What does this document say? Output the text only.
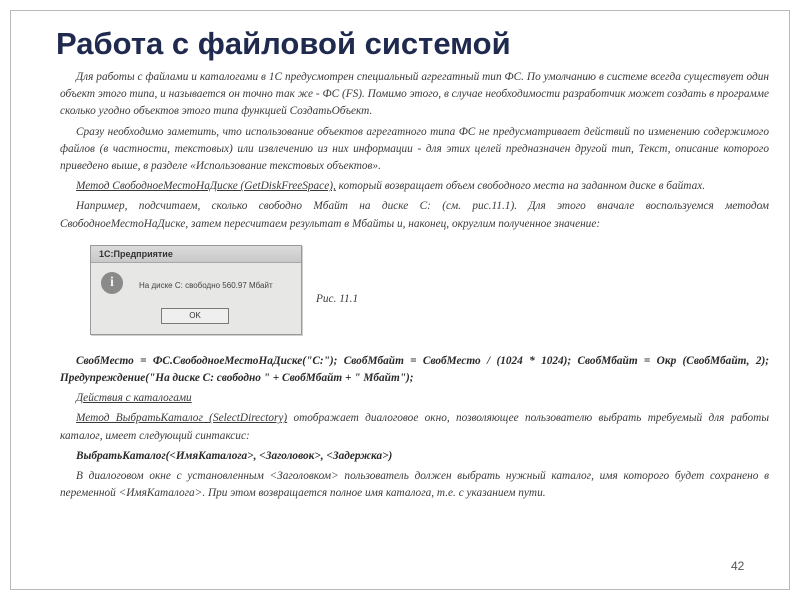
Работа с файловой системой

Для работы с файлами и каталогами в 1С предусмотрен специальный агрегатный тип ФС. По умолчанию в системе всегда существует один объект этого типа, и называется он точно так же - ФС (FS). Помимо этого, в случае необходимости разработчик может создать в программе сколько угодно объектов этого типа функцией СоздатьОбъект.

Сразу необходимо заметить, что использование объектов агрегатного типа ФС не предусматривает действий по изменению содержимого файлов (в частности, текстовых) или извлечению из них информации - для этих целей предназначен другой тип, Текст, описание которого приведено выше, в разделе «Использование текстовых объектов».

Метод СвободноеМестоНаДиске (GetDiskFreeSpace), который возвращает объем свободного места на заданном диске в байтах.

Например, подсчитаем, сколько свободно Мбайт на диске С: (см. рис.11.1). Для этого вначале воспользуемся методом СвободноеМестоНаДиске, затем пересчитаем результат в Мбайты и, наконец, округлим полученное значение:

1С:Предприятие
i	На диске С: свободно 560.97 Мбайт
OK
Рис. 11.1

СвобМесто = ФС.СвободноеМестоНаДиске("С:"); СвобМбайт = СвобМесто / (1024 * 1024); СвобМбайт = Окр (СвобМбайт, 2); Предупреждение("На диске С: свободно " + СвобМбайт + " Мбайт");

Действия с каталогами

Метод ВыбратьКаталог (SelectDirectory) отображает диалоговое окно, позволяющее пользователю выбрать требуемый для работы каталог, имеет следующий синтаксис:

ВыбратьКаталог(<ИмяКаталога>, <Заголовок>, <Задержка>)

В диалоговом окне с установленным <Заголовком> пользователь должен выбрать нужный каталог, имя которого будет сохранено в переменной <ИмяКаталога>. При этом возвращается полное имя каталога, т.е. с указанием пути.

42
